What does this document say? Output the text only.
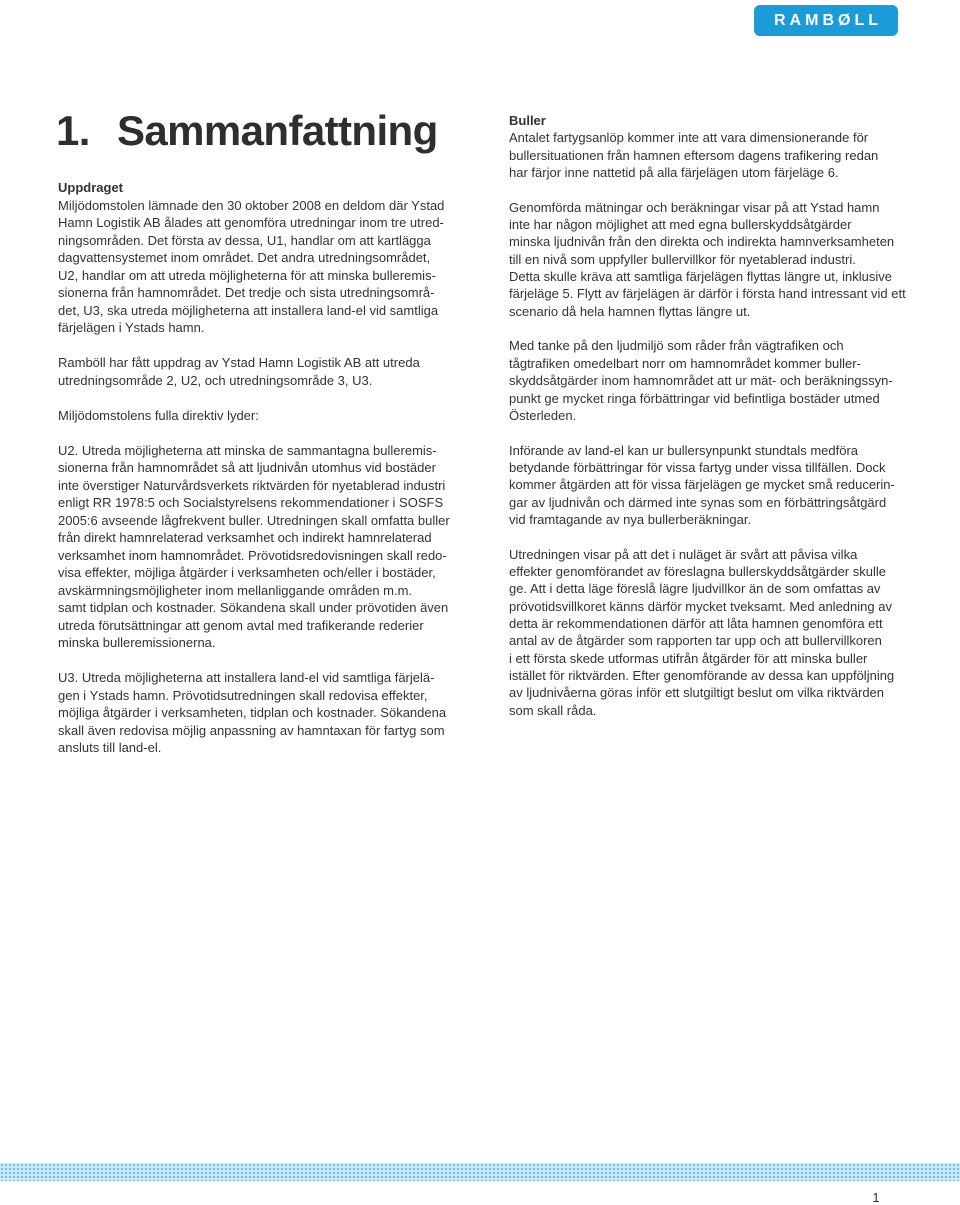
RAMBØLL
1. Sammanfattning
Uppdraget
Miljödomstolen lämnade den 30 oktober 2008 en deldom där Ystad
Hamn Logistik AB ålades att genomföra utredningar inom tre utred-
ningsområden. Det första av dessa, U1, handlar om att kartlägga
dagvattensystemet inom området. Det andra utredningsområdet,
U2, handlar om att utreda möjligheterna för att minska bulleremis-
sionerna från hamnområdet. Det tredje och sista utredningsområ-
det, U3, ska utreda möjligheterna att installera land-el vid samtliga
färjelägen i Ystads hamn.
Ramböll har fått uppdrag av Ystad Hamn Logistik AB att utreda
utredningsområde 2, U2, och utredningsområde 3, U3.
Miljödomstolens fulla direktiv lyder:
U2. Utreda möjligheterna att minska de sammantagna bulleremis-
sionerna från hamnområdet så att ljudnivån utomhus vid bostäder
inte överstiger Naturvårdsverkets riktvärden för nyetablerad industri
enligt RR 1978:5 och Socialstyrelsens rekommendationer i SOSFS
2005:6 avseende lågfrekvent buller. Utredningen skall omfatta buller
från direkt hamnrelaterad verksamhet och indirekt hamnrelaterad
verksamhet inom hamnområdet. Prövotidsredovisningen skall redo-
visa effekter, möjliga åtgärder i verksamheten och/eller i bostäder,
avskärmningsmöjligheter inom mellanliggande områden m.m.
samt tidplan och kostnader. Sökandena skall under prövotiden även
utreda förutsättningar att genom avtal med trafikerande rederier
minska bulleremissionerna.
U3. Utreda möjligheterna att installera land-el vid samtliga färjelä-
gen i Ystads hamn. Prövotidsutredningen skall redovisa effekter,
möjliga åtgärder i verksamheten, tidplan och kostnader. Sökandena
skall även redovisa möjlig anpassning av hamntaxan för fartyg som
ansluts till land-el.
Buller
Antalet fartygsanlöp kommer inte att vara dimensionerande för
bullersituationen från hamnen eftersom dagens trafikering redan
har färjor inne nattetid på alla färjelägen utom färjeläge 6.
Genomförda mätningar och beräkningar visar på att Ystad hamn
inte har någon möjlighet att med egna bullerskyddsåtgärder
minska ljudnivån från den direkta och indirekta hamnverksamheten
till en nivå som uppfyller bullervillkor för nyetablerad industri.
Detta skulle kräva att samtliga färjelägen flyttas längre ut, inklusive
färjeläge 5. Flytt av färjelägen är därför i första hand intressant vid ett
scenario då hela hamnen flyttas längre ut.
Med tanke på den ljudmiljö som råder från vägtrafiken och
tågtrafiken omedelbart norr om hamnområdet kommer buller-
skyddsåtgärder inom hamnområdet att ur mät- och beräkningssyn-
punkt ge mycket ringa förbättringar vid befintliga bostäder utmed
Österleden.
Införande av land-el kan ur bullersynpunkt stundtals medföra
betydande förbättringar för vissa fartyg under vissa tillfällen. Dock
kommer åtgärden att för vissa färjelägen ge mycket små reducerin-
gar av ljudnivån och därmed inte synas som en förbättringsåtgärd
vid framtagande av nya bullerberäkningar.
Utredningen visar på att det i nuläget är svårt att påvisa vilka
effekter genomförandet av föreslagna bullerskyddsåtgärder skulle
ge. Att i detta läge föreslå lägre ljudvillkor än de som omfattas av
prövotidsvillkoret känns därför mycket tveksamt. Med anledning av
detta är rekommendationen därför att låta hamnen genomföra ett
antal av de åtgärder som rapporten tar upp och att bullervillkoren
i ett första skede utformas utifrån åtgärder för att minska buller
istället för riktvärden. Efter genomförande av dessa kan uppföljning
av ljudnivåerna göras inför ett slutgiltigt beslut om vilka riktvärden
som skall råda.
1
